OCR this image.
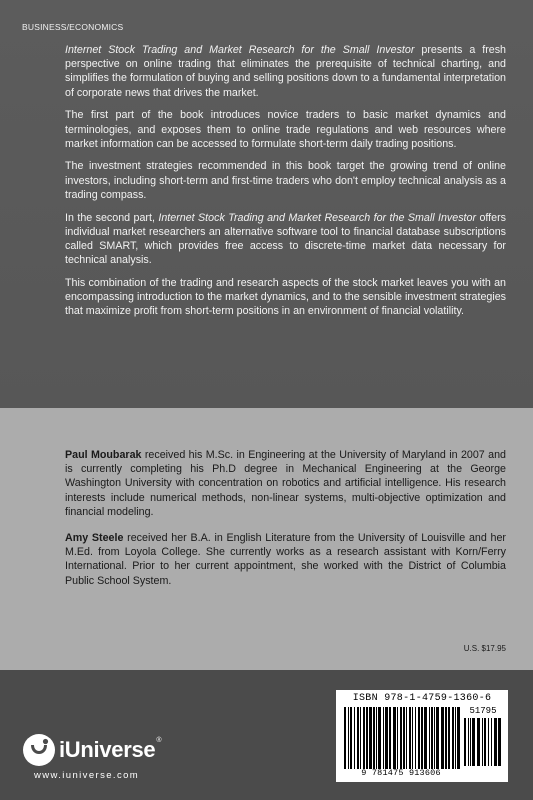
BUSINESS/ECONOMICS

Internet Stock Trading and Market Research for the Small Investor presents a fresh perspective on online trading that eliminates the prerequisite of technical charting, and simplifies the formulation of buying and selling positions down to a fundamental interpretation of corporate news that drives the market.

The first part of the book introduces novice traders to basic market dynamics and terminologies, and exposes them to online trade regulations and web resources where market information can be accessed to formulate short-term daily trading positions.

The investment strategies recommended in this book target the growing trend of online investors, including short-term and first-time traders who don't employ technical analysis as a trading compass.

In the second part, Internet Stock Trading and Market Research for the Small Investor offers individual market researchers an alternative software tool to financial database subscriptions called SMART, which provides free access to discrete-time market data necessary for technical analysis.

This combination of the trading and research aspects of the stock market leaves you with an encompassing introduction to the market dynamics, and to the sensible investment strategies that maximize profit from short-term positions in an environment of financial volatility.

Paul Moubarak received his M.Sc. in Engineering at the University of Maryland in 2007 and is currently completing his Ph.D degree in Mechanical Engineering at the George Washington University with concentration on robotics and artificial intelligence. His research interests include numerical methods, non-linear systems, multi-objective optimization and financial modeling.

Amy Steele received her B.A. in English Literature from the University of Louisville and her M.Ed. from Loyola College. She currently works as a research assistant with Korn/Ferry International. Prior to her current appointment, she worked with the District of Columbia Public School System.

U.S. $17.95
ISBN 978-1-4759-1360-6
51795
9 781475 913606
iUniverse ®
www.iuniverse.com
